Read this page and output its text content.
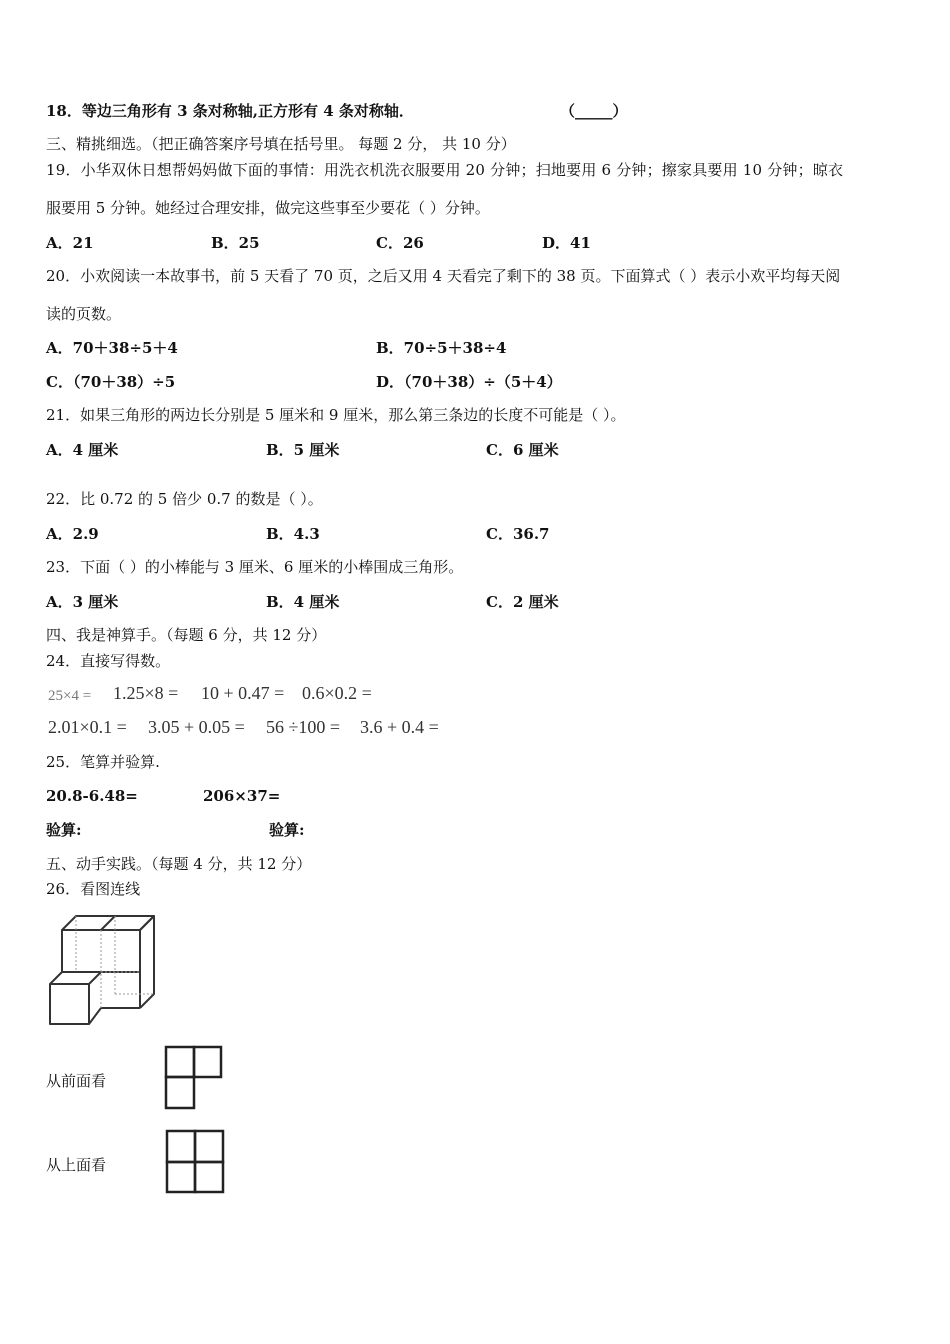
18．等边三角形有 3 条对称轴,正方形有 4 条对称轴．	（_____）
三、精挑细选。（把正确答案序号填在括号里。 每题 2 分， 共 10 分）
19．小华双休日想帮妈妈做下面的事情：用洗衣机洗衣服要用 20 分钟；扫地要用 6 分钟；擦家具要用 10 分钟；晾衣
服要用 5 分钟。她经过合理安排，做完这些事至少要花（ ）分钟。
A．21	B．25	C．26	D．41
20．小欢阅读一本故事书，前 5 天看了 70 页，之后又用 4 天看完了剩下的 38 页。下面算式（ ）表示小欢平均每天阅
读的页数。
A．70＋38÷5＋4	B．70÷5＋38÷4
C．（70＋38）÷5	D．（70＋38）÷（5＋4）
21．如果三角形的两边长分别是 5 厘米和 9 厘米，那么第三条边的长度不可能是（ ）。
A．4 厘米	B．5 厘米	C．6 厘米
22．比 0.72 的 5 倍少 0.7 的数是（ ）。
A．2.9	B．4.3	C．36.7
23．下面（ ）的小棒能与 3 厘米、6 厘米的小棒围成三角形。
A．3 厘米	B．4 厘米	C．2 厘米
四、我是神算手。（每题 6 分，共 12 分）
24．直接写得数。
25×4 = 1.25×8 = 10 + 0.47 = 0.6×0.2 =
2.01×0.1 = 3.05 + 0.05 = 56 ÷100 = 3.6 + 0.4 =
25．笔算并验算.
20.8-6.48=	206×37=
验算:	验算:
五、动手实践。（每题 4 分，共 12 分）
26．看图连线
从前面看
从上面看
